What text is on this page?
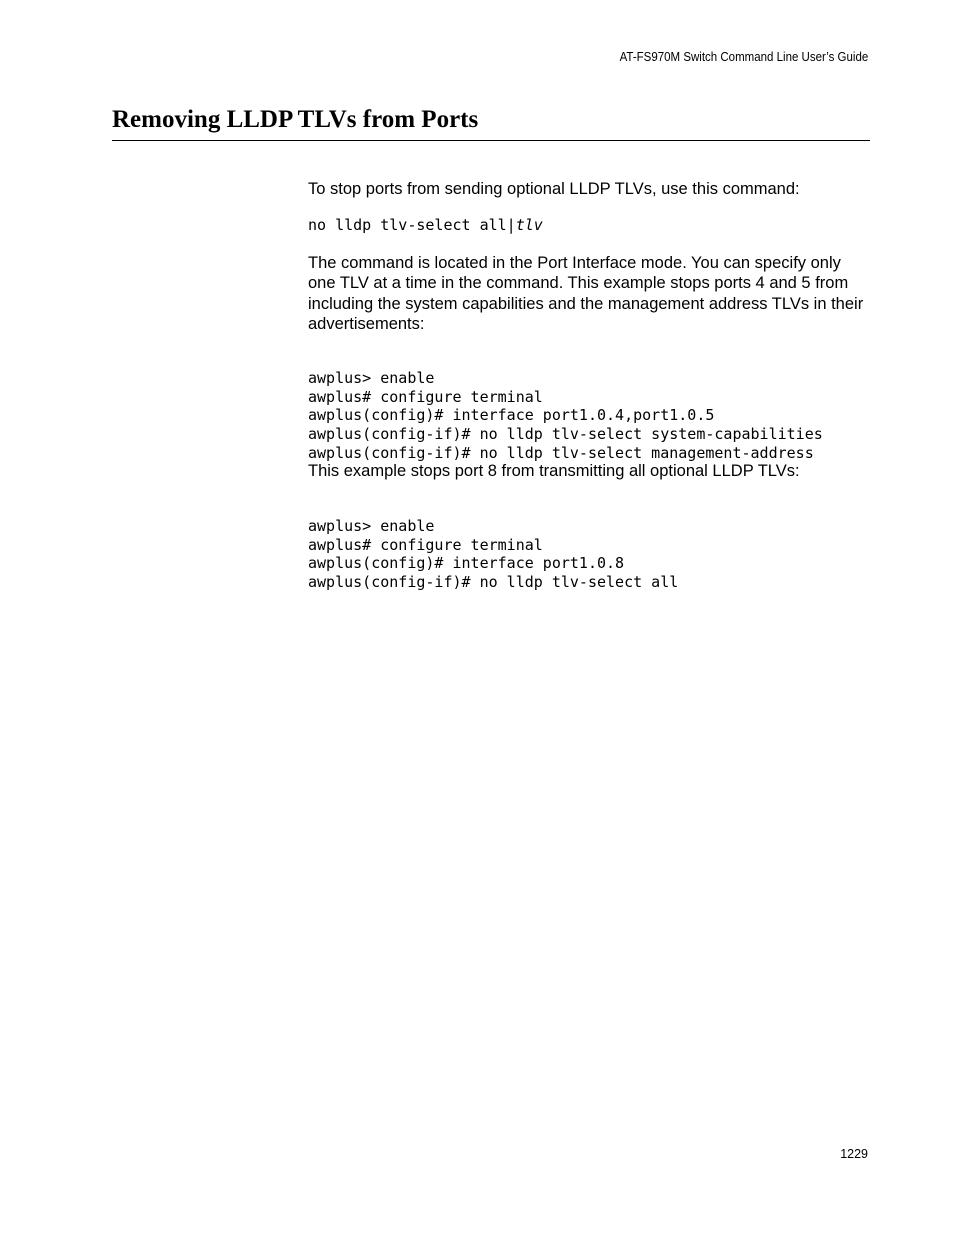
AT-FS970M Switch Command Line User’s Guide
Removing LLDP TLVs from Ports

To stop ports from sending optional LLDP TLVs, use this command:

no lldp tlv-select all|tlv

The command is located in the Port Interface mode. You can specify only one TLV at a time in the command. This example stops ports 4 and 5 from including the system capabilities and the management address TLVs in their advertisements:

awplus> enable
awplus# configure terminal
awplus(config)# interface port1.0.4,port1.0.5
awplus(config-if)# no lldp tlv-select system-capabilities
awplus(config-if)# no lldp tlv-select management-address

This example stops port 8 from transmitting all optional LLDP TLVs:

awplus> enable
awplus# configure terminal
awplus(config)# interface port1.0.8
awplus(config-if)# no lldp tlv-select all

1229
